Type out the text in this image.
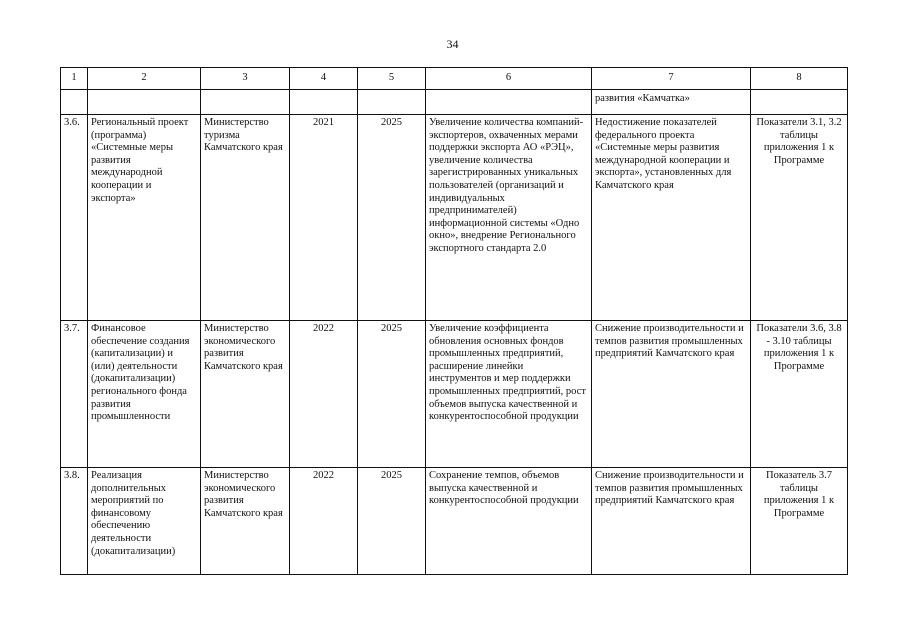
34
1	2	3	4	5	6	7	8
						развития «Камчатка»	
3.6.	Региональный проект (программа) «Системные меры развития международной кооперации и экспорта»	Министерство туризма Камчатского края	2021	2025	Увеличение количества компаний-экспортеров, охваченных мерами поддержки экспорта АО «РЭЦ», увеличение количества зарегистрированных уникальных пользователей (организаций и индивидуальных предпринимателей) информационной системы «Одно окно», внедрение Регионального экспортного стандарта 2.0	Недостижение показателей федерального проекта «Системные меры развития международной кооперации и экспорта», установленных для Камчатского края	Показатели 3.1, 3.2 таблицы приложения 1 к Программе
3.7.	Финансовое обеспечение создания (капитализации) и (или) деятельности (докапитализации) регионального фонда развития промышленности	Министерство экономического развития Камчатского края	2022	2025	Увеличение коэффициента обновления основных фондов промышленных предприятий, расширение линейки инструментов и мер поддержки промышленных предприятий, рост объемов выпуска качественной и конкурентоспособной продукции	Снижение производительности и темпов развития промышленных предприятий Камчатского края	Показатели 3.6, 3.8 - 3.10 таблицы приложения 1 к Программе
3.8.	Реализация дополнительных мероприятий по финансовому обеспечению деятельности (докапитализации)	Министерство экономического развития Камчатского края	2022	2025	Сохранение темпов, объемов выпуска качественной и конкурентоспособной продукции	Снижение производительности и темпов развития промышленных предприятий Камчатского края	Показатель 3.7 таблицы приложения 1 к Программе
